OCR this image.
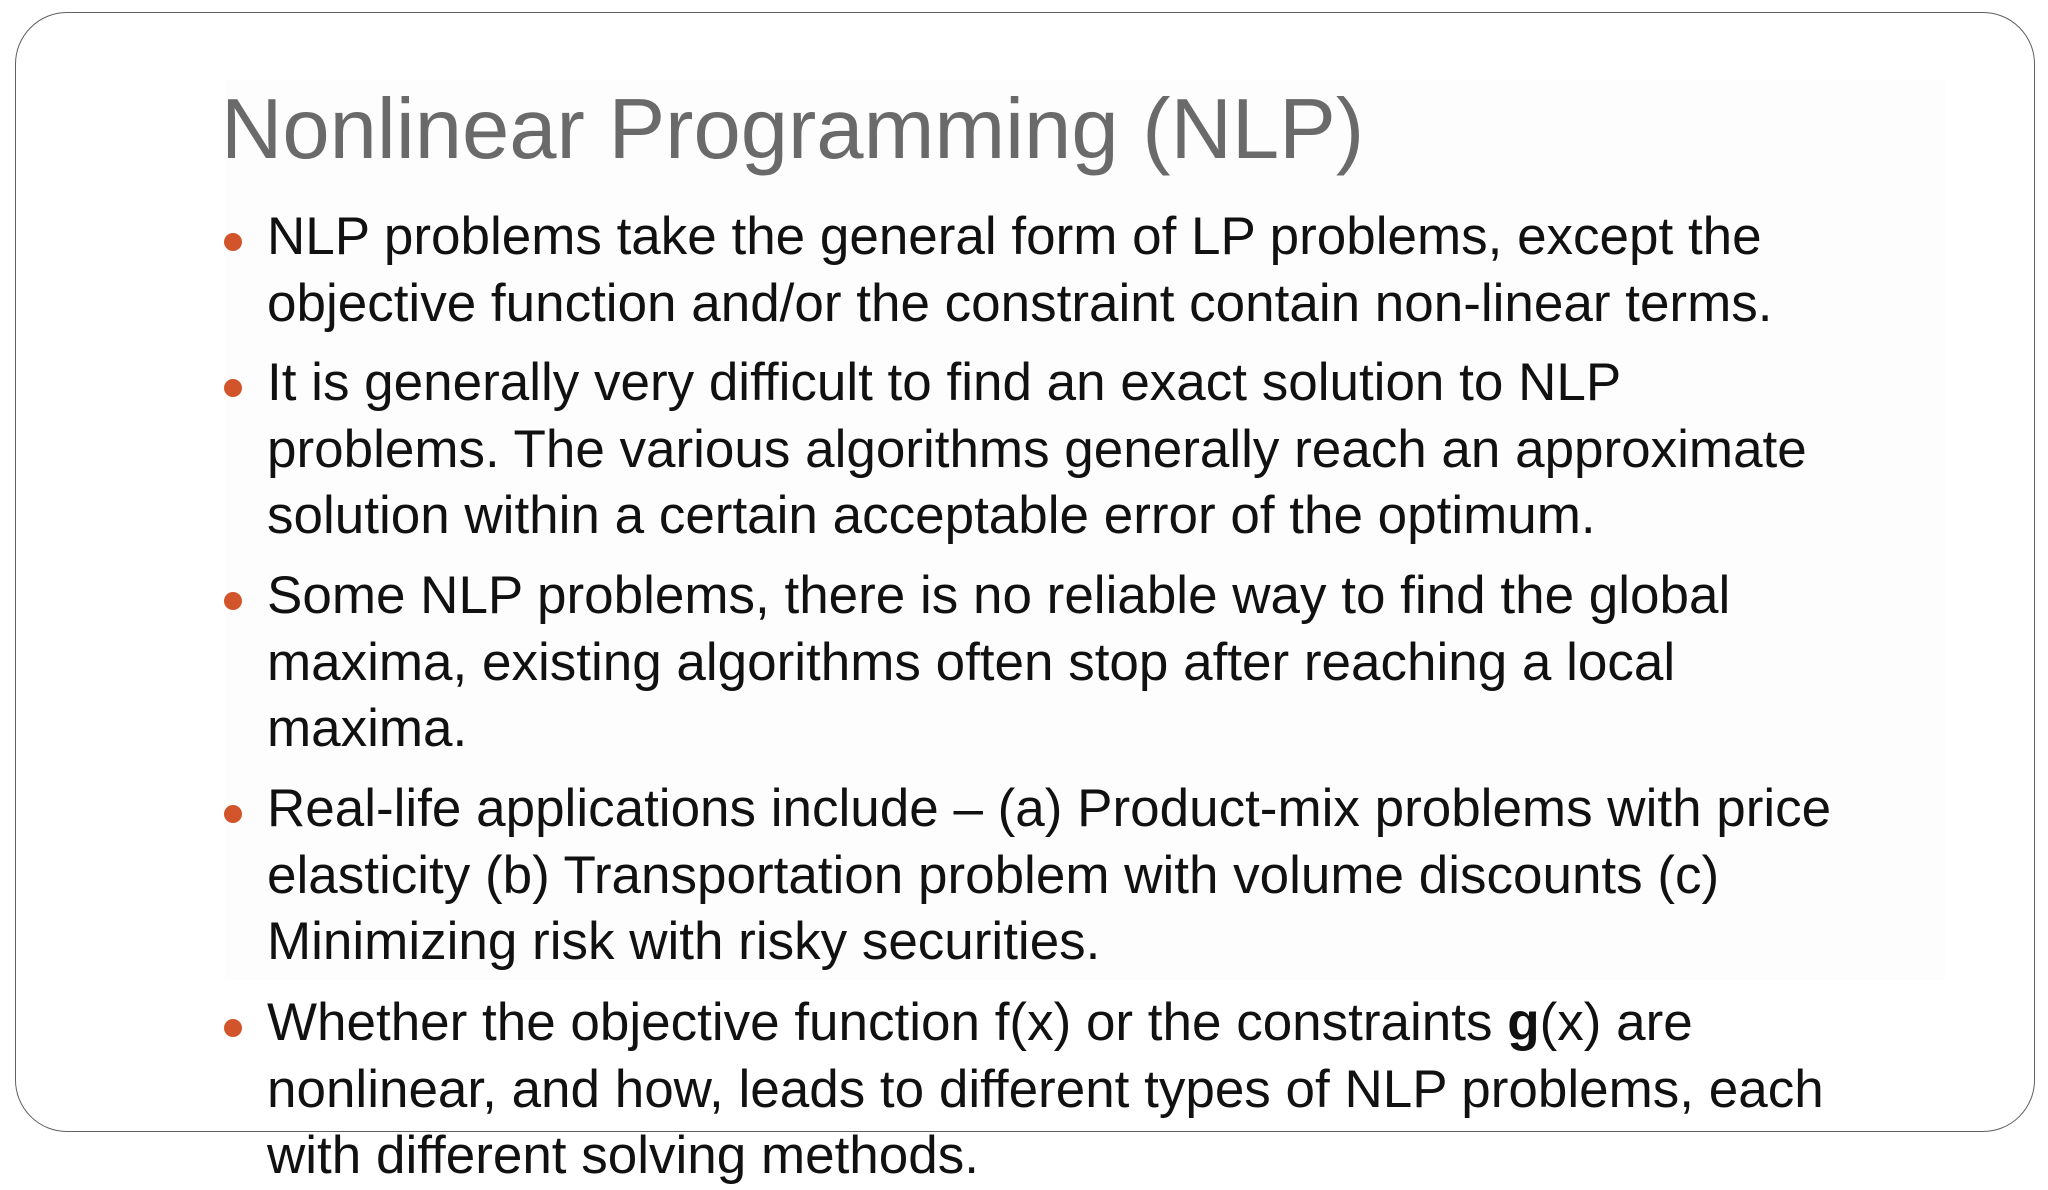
Nonlinear Programming (NLP)
NLP problems take the general form of LP problems, except the
objective function and/or the constraint contain non-linear terms.
It is generally very difficult to find an exact solution to NLP
problems. The various algorithms generally reach an approximate
solution within a certain acceptable error of the optimum.
Some NLP problems, there is no reliable way to find the global
maxima, existing algorithms often stop after reaching a local
maxima.
Real-life applications include – (a) Product-mix problems with price
elasticity (b) Transportation problem with volume discounts (c)
Minimizing risk with risky securities.
Whether the objective function f(x) or the constraints g(x) are
nonlinear, and how, leads to different types of NLP problems, each
with different solving methods.
